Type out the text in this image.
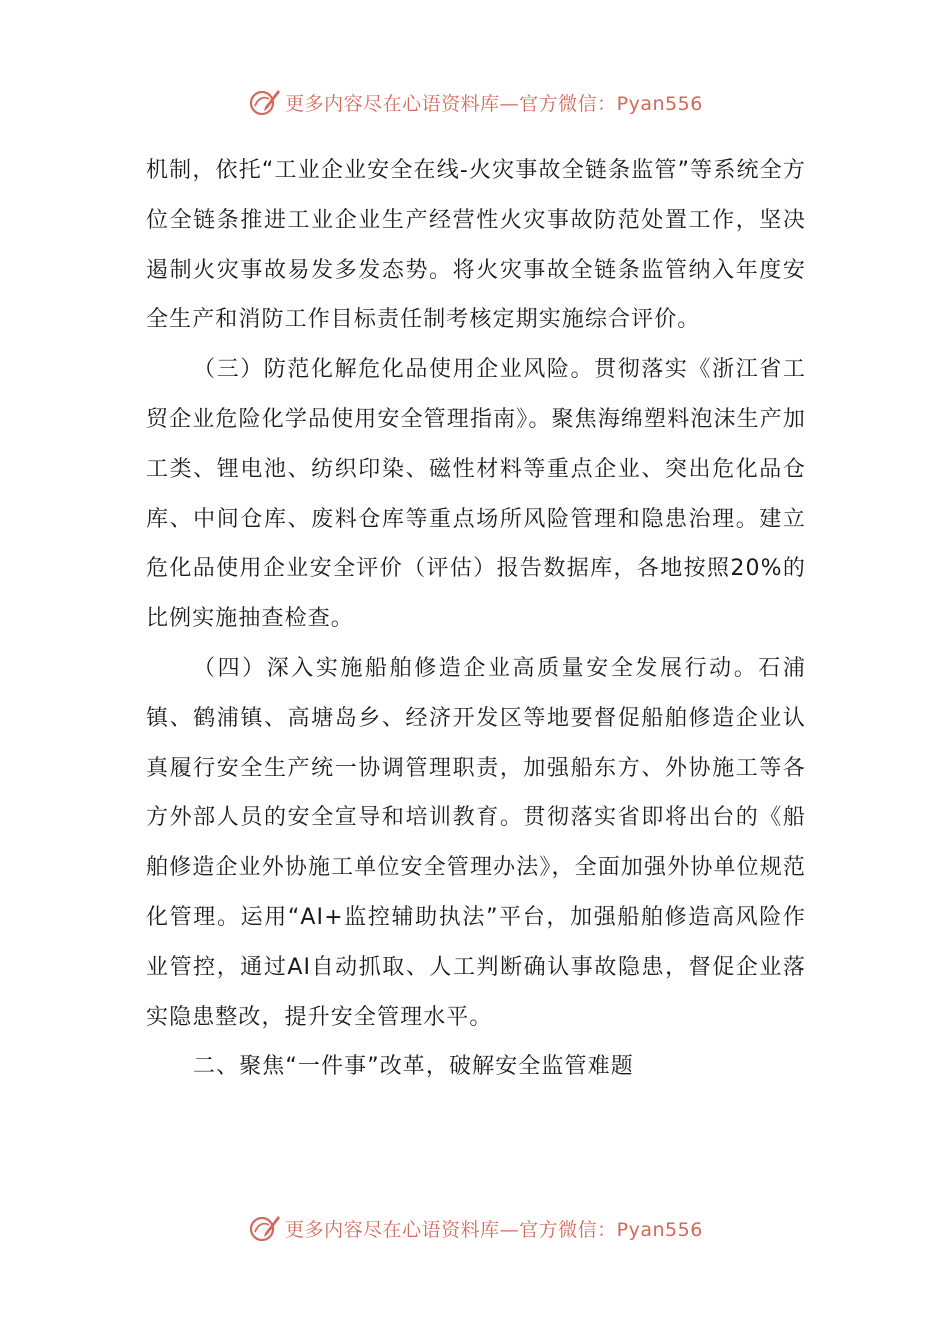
更多内容尽在心语资料库— 官方微信：Pyan556

机制，依托“工业企业安全在线-火灾事故全链条监管”等系统全方位全链条推进工业企业生产经营性火灾事故防范处置工作，坚决遏制火灾事故易发多发态势。将火灾事故全链条监管纳入年度安全生产和消防工作目标责任制考核定期实施综合评价。

（三）防范化解危化品使用企业风险。贯彻落实《浙江省工贸企业危险化学品使用安全管理指南》。聚焦海绵塑料泡沫生产加工类、锂电池、纺织印染、磁性材料等重点企业、突出危化品仓库、中间仓库、废料仓库等重点场所风险管理和隐患治理。建立危化品使用企业安全评价（评估）报告数据库，各地按照20%的比例实施抽查检查。

（四）深入实施船舶修造企业高质量安全发展行动。石浦镇、鹤浦镇、高塘岛乡、经济开发区等地要督促船舶修造企业认真履行安全生产统一协调管理职责，加强船东方、外协施工等各方外部人员的安全宣导和培训教育。贯彻落实省即将出台的《船舶修造企业外协施工单位安全管理办法》，全面加强外协单位规范化管理。运用“AI+监控辅助执法”平台，加强船舶修造高风险作业管控，通过AI自动抓取、人工判断确认事故隐患，督促企业落实隐患整改，提升安全管理水平。

二、聚焦“一件事”改革，破解安全监管难题

更多内容尽在心语资料库— 官方微信：Pyan556
